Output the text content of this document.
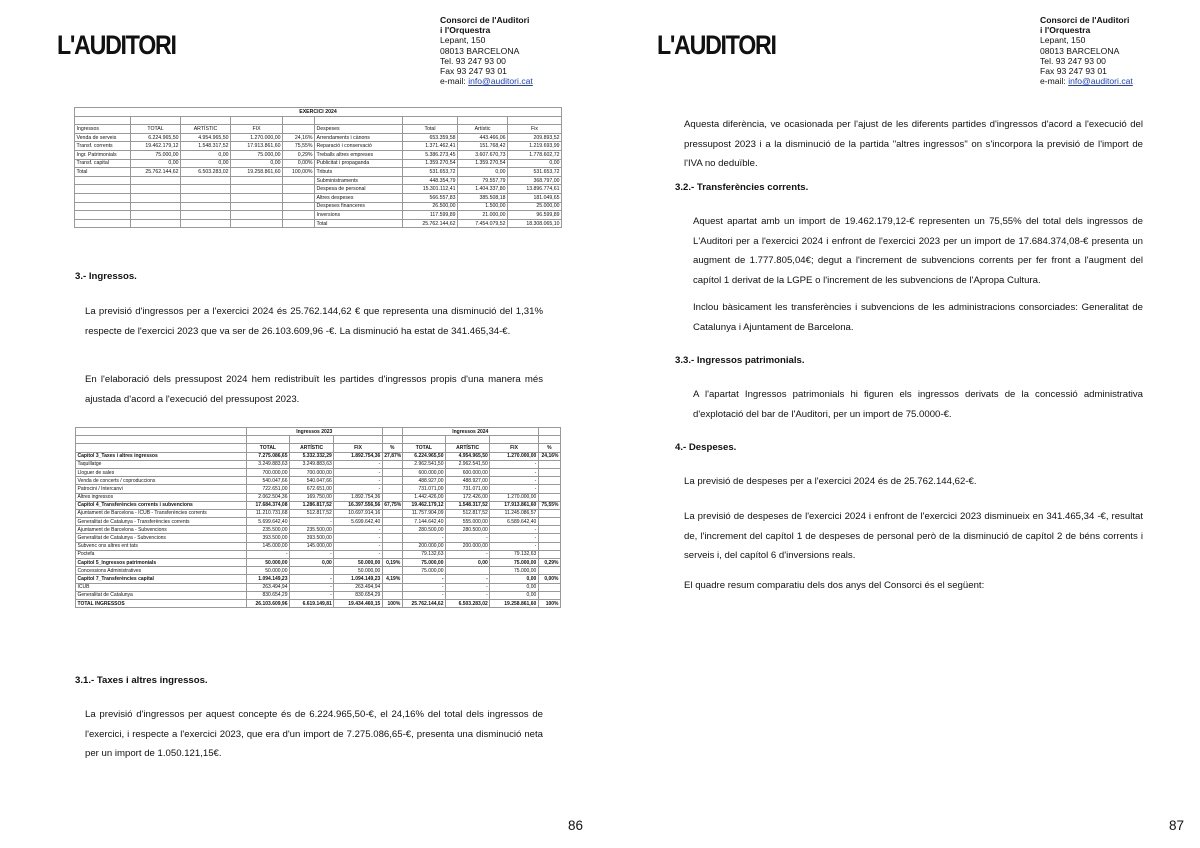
L'AUDITORI
Consorci de l'Auditori
i l'Orquestra
Lepant, 150
08013 BARCELONA
Tel. 93 247 93 00
Fax 93 247 93 01
e-mail: info@auditori.cat
EXERCICI 2024								

Ingressos	TOTAL	ARTÍSTIC	FIX		Despeses	Total	Artístic	Fix
Venda de serveis	6.224.965,50	4.954.965,50	1.270.000,00	24,16%	Arrendaments i cànons	653.359,58	443.466,06	209.893,52
Transf. corrents	19.462.179,12	1.548.317,52	17.913.861,60	75,55%	Reparació i conservació	1.371.462,41	151.768,42	1.219.693,99
Ingr. Patrimonials	75.000,00	0,00	75.000,00	0,29%	Treballs altres empreses	5.386.273,45	3.607.670,73	1.778.602,72
Transf. capital	0,00	0,00	0,00	0,00%	Publicitat i propaganda	1.359.270,54	1.359.270,54	0,00
Total	25.762.144,62	6.503.283,02	19.258.861,60	100,00%	Tributs	531.653,72	0,00	531.653,72
					Subministraments	448.354,79	79.557,79	368.797,00
					Despesa de personal	15.301.112,41	1.404.337,80	13.896.774,61
					Altres despeses	566.557,83	385.508,18	181.049,65
					Despeses financeres	26.500,00	1.500,00	25.000,00
					Inversions	117.599,89	21.000,00	96.599,89
					Total	25.762.144,62	7.454.079,52	18.308.065,10
3.- Ingressos.

La previsió d'ingressos per a l'exercici 2024 és 25.762.144,62 € que representa una disminució del 1,31% respecte de l'exercici 2023 que va ser de 26.103.609,96 -€. La disminució ha estat de 341.465,34-€.

En l'elaboració dels pressupost 2024 hem redistribuït les partides d'ingressos propis d'una manera més ajustada d'acord a l'execució del pressupost 2023.

	Ingressos 2023				Ingressos 2024			

	TOTAL	ARTÍSTIC	FIX	%	TOTAL	ARTÍSTIC	FIX	%
Capitol 3_Taxes i altres ingressos	7.275.086,65	5.332.332,29	1.892.754,36	27,87%	6.224.965,50	4.954.965,50	1.270.000,00	24,16%
Taquillatge	3.249.883,63	3.249.883,63	-		2.962.541,50	2.962.541,50	-	
Lloguer de sales	700.000,00	700.000,00	-		600.000,00	600.000,00	-	
Venda de concerts / coproduccions	540.047,66	540.047,66	-		488.927,00	488.927,00	-	
Patrocini / Intercanvi	722.651,00	672.651,00	-		731.071,00	731.071,00	-	
Altres ingressos	2.062.504,36	169.750,00	1.892.754,36		1.442.426,00	172.426,00	1.270.000,00	
Capitol 4_Transferències corrents i subvencions	17.684.374,08	1.286.817,52	16.397.556,56	67,75%	19.462.179,12	1.548.317,52	17.913.861,60	75,55%
Ajuntament de Barcelona - ICUB - Transferències corrents	11.210.731,68	512.817,52	10.697.914,16		11.757.904,09	512.817,52	11.245.086,57	
Generalitat de Catalunya - Transferències corrents	5.699.642,40	-	5.699.642,40		7.144.642,40	555.000,00	6.589.642,40	
Ajuntament de Barcelona - Subvencions	235.500,00	235.500,00	-		280.500,00	280.500,00	-	
Generalitat de Catalunya - Subvencions	393.500,00	393.500,00	-		-	-	-	
Subvenc ons altres ent tats	145.000,00	145.000,00	-		200.000,00	200.000,00	-	
Poctefa	-	-	-		79.132,63	-	79.132,63	
Capitol 5_Ingressos patrimonials	50.000,00	0,00	50.000,00	0,19%	75.000,00	0,00	75.000,00	0,29%
Concessions Administratives	50.000,00		50.000,00		75.000,00		75.000,00	
Capitol 7_Transferències capital	1.094.149,23	-	1.094.149,23	4,19%	-	-	0,00	0,00%
ICUB	263.494,94	-	263.494,94		-	-	0,00	
Generalitat de Catalunya	830.654,29	-	830.654,29		-	-	0,00	
TOTAL INGRESSOS	26.103.609,96	6.619.149,81	19.434.460,15	100%	25.762.144,62	6.503.283,02	19.258.861,60	100%
3.1.- Taxes i altres ingressos.

La previsió d'ingressos per aquest concepte és de 6.224.965,50-€, el 24,16% del total dels ingressos de l'exercici, i respecte a l'exercici 2023, que era d'un import de 7.275.086,65-€, presenta una disminució neta per un import de 1.050.121,15€.

86
L'AUDITORI
Consorci de l'Auditori
i l'Orquestra
Lepant, 150
08013 BARCELONA
Tel. 93 247 93 00
Fax 93 247 93 01
e-mail: info@auditori.cat

Aquesta diferència, ve ocasionada per l'ajust de les diferents partides d'ingressos d'acord a l'execució del pressupost 2023 i a la disminució de la partida "altres ingressos" on s'incorpora la previsió de l'import de l'IVA no deduïble.

3.2.- Transferències corrents.

Aquest apartat amb un import de 19.462.179,12-€ representen un 75,55% del total dels ingressos de L'Auditori per a l'exercici 2024 i enfront de l'exercici 2023 per un import de 17.684.374,08-€ presenta un augment de 1.777.805,04€; degut a l'increment de subvencions corrents per fer front a l'augment del capítol 1 derivat de la LGPE o l'increment de les subvencions de l'Apropa Cultura.

Inclou bàsicament les transferències i subvencions de les administracions consorciades: Generalitat de Catalunya i Ajuntament de Barcelona.

3.3.- Ingressos patrimonials.

A l'apartat Ingressos patrimonials hi figuren els ingressos derivats de la concessió administrativa d'explotació del bar de l'Auditori, per un import de 75.0000-€.

4.- Despeses.

La previsió de despeses per a l'exercici 2024 és de 25.762.144,62-€.

La previsió de despeses de l'exercici 2024 i enfront de l'exercici 2023 disminueix en 341.465,34 -€, resultat de, l'increment del capítol 1 de despeses de personal però de la disminució de capítol 2 de béns corrents i serveis i, del capítol 6 d'inversions reals.

El quadre resum comparatiu dels dos anys del Consorci és el següent:

87
